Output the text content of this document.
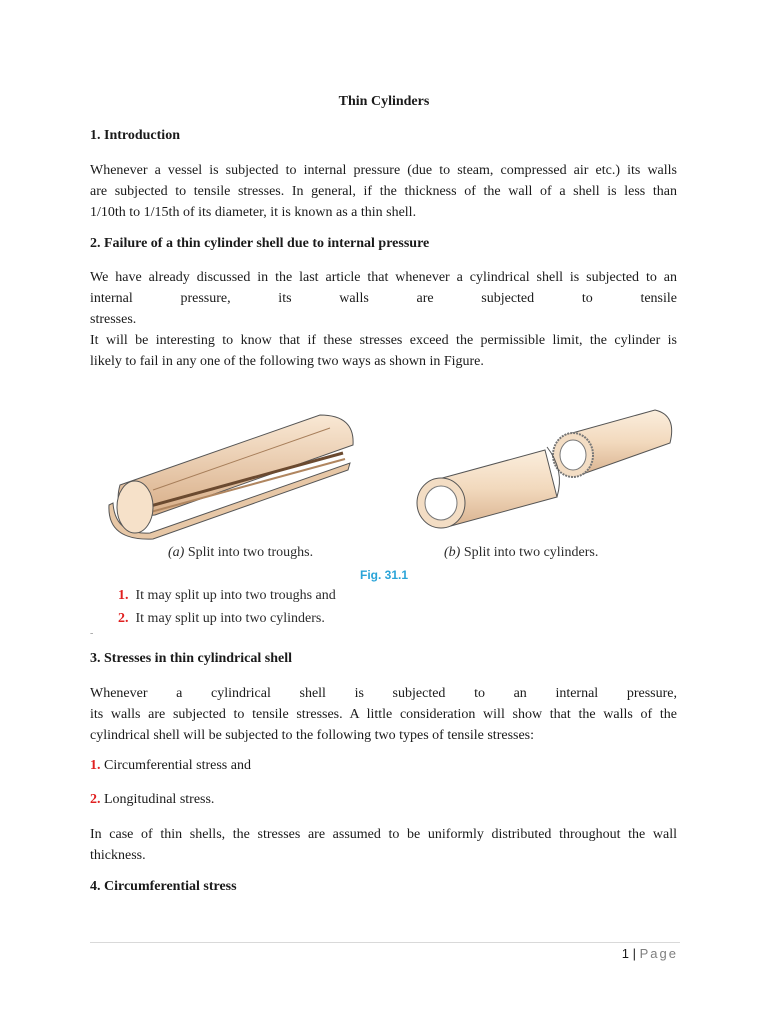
Thin Cylinders
1. Introduction
Whenever a vessel is subjected to internal pressure (due to steam, compressed air etc.) its walls
are subjected to tensile stresses. In general, if the thickness of the wall of a shell is less than
1/10th to 1/15th of its diameter, it is known as a thin shell.
2. Failure of a thin cylinder shell due to internal pressure
We have already discussed in the last article that whenever a cylindrical shell is subjected to an
internal pressure, its walls are subjected to tensile stresses.
It will be interesting to know that if these stresses exceed the permissible limit, the cylinder is
likely to fail in any one of the following two ways as shown in Figure.
(a) Split into two troughs.	(b) Split into two cylinders.
Fig. 31.1
1. It may split up into two troughs and
2. It may split up into two cylinders.
-
3. Stresses in thin cylindrical shell
Whenever a cylindrical shell is subjected to an internal pressure,
its walls are subjected to tensile stresses. A little consideration will show that the walls of the
cylindrical shell will be subjected to the following two types of tensile stresses:
1. Circumferential stress and
2. Longitudinal stress.
In case of thin shells, the stresses are assumed to be uniformly distributed throughout the wall
thickness.
4. Circumferential stress
1 | Page
